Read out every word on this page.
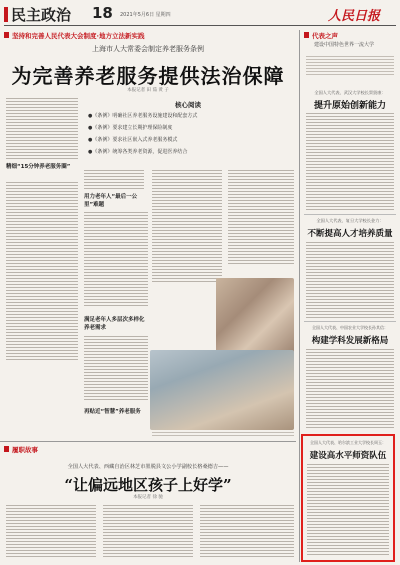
民主政治 18 2021年5月6日 星期四	人民日报
坚持和完善人民代表大会制度·地方立法新实践	代表之声
建设中国特色世界一流大学
上海市人大常委会制定养老服务条例
为完善养老服务提供法治保障
本报记者 田 茹 黄 子
精细“15分钟养老服务圈”
核心阅读
●《条例》明确社区养老服务设施建设和配套方式
●《条例》要求建立长期护理保险制度
●《条例》要求社区嵌入式养老服务模式
●《条例》统筹各类养老资源，促进医养结合
用力老年人“最后一公里”难题
满足老年人多层次多样化养老需求
再贴近“智慧”养老服务
履职故事
全国人大代表、西藏自治区林芝市墨脱县文公小学副校长格桑德吉——
“让偏远地区孩子上好学”
本报记者 徐 驰
全国人大代表、武汉大学校长窦贤康：
提升原始创新能力
全国人大代表、复旦大学校长金力：
不断提高人才培养质量
全国人大代表、中国农业大学校长孙其信：
构建学科发展新格局
全国人大代表、哈尔滨工业大学校长周玉：
建设高水平师资队伍
